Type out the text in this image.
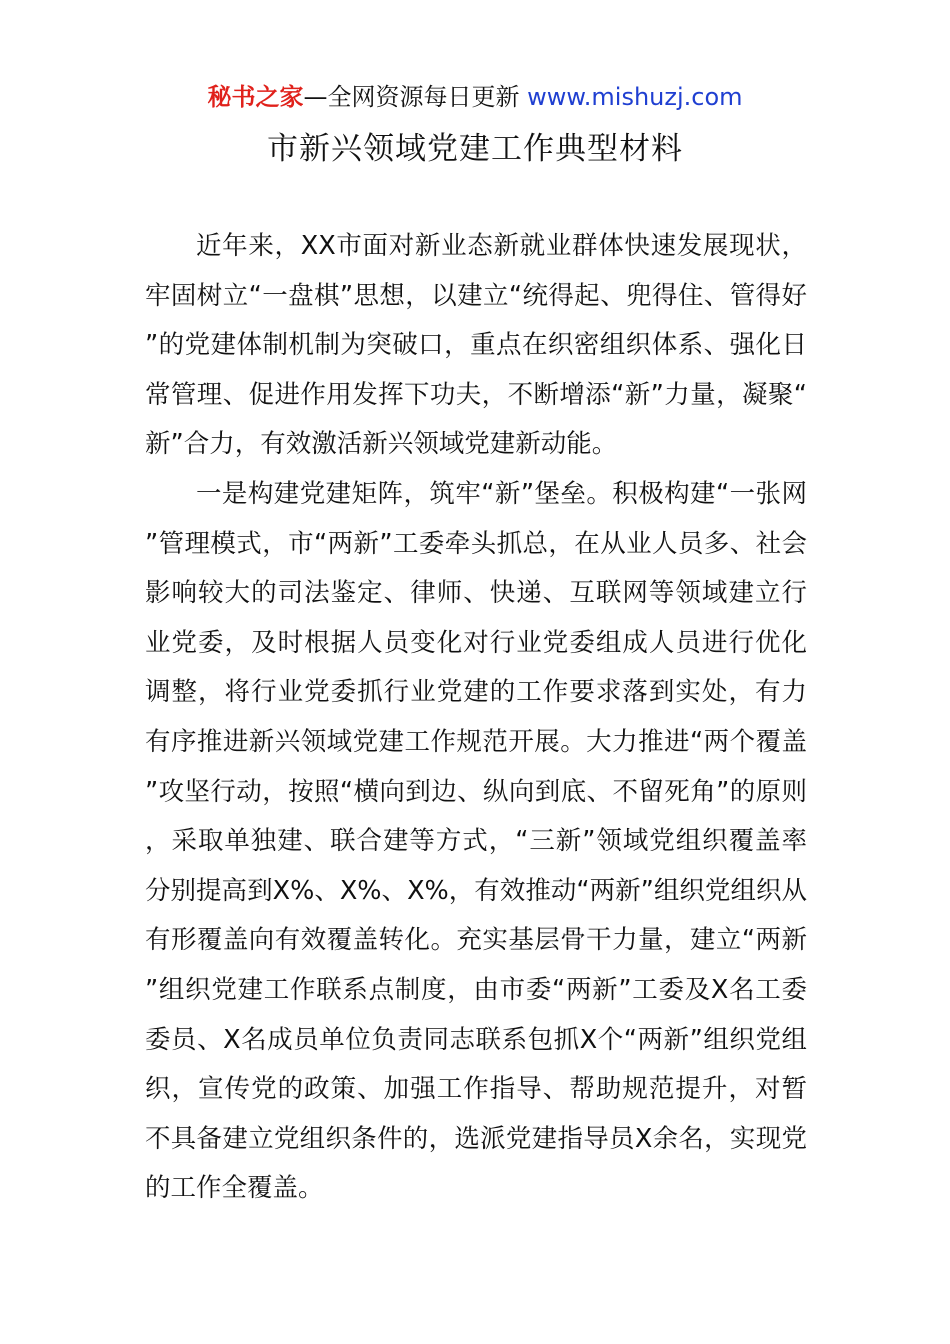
秘书之家—全网资源每日更新 www.mishuzj.com
市新兴领域党建工作典型材料

近年来，XX市面对新业态新就业群体快速发展现状，牢固树立“一盘棋”思想，以建立“统得起、兜得住、管得好”的党建体制机制为突破口，重点在织密组织体系、强化日常管理、促进作用发挥下功夫，不断增添“新”力量，凝聚“新”合力，有效激活新兴领域党建新动能。

一是构建党建矩阵，筑牢“新”堡垒。积极构建“一张网”管理模式，市“两新”工委牵头抓总，在从业人员多、社会影响较大的司法鉴定、律师、快递、互联网等领域建立行业党委，及时根据人员变化对行业党委组成人员进行优化调整，将行业党委抓行业党建的工作要求落到实处，有力有序推进新兴领域党建工作规范开展。大力推进“两个覆盖”攻坚行动，按照“横向到边、纵向到底、不留死角”的原则，采取单独建、联合建等方式，“三新”领域党组织覆盖率分别提高到X%、X%、X%，有效推动“两新”组织党组织从有形覆盖向有效覆盖转化。充实基层骨干力量，建立“两新”组织党建工作联系点制度，由市委“两新”工委及X名工委委员、X名成员单位负责同志联系包抓X个“两新”组织党组织，宣传党的政策、加强工作指导、帮助规范提升，对暂不具备建立党组织条件的，选派党建指导员X余名，实现党的工作全覆盖。
